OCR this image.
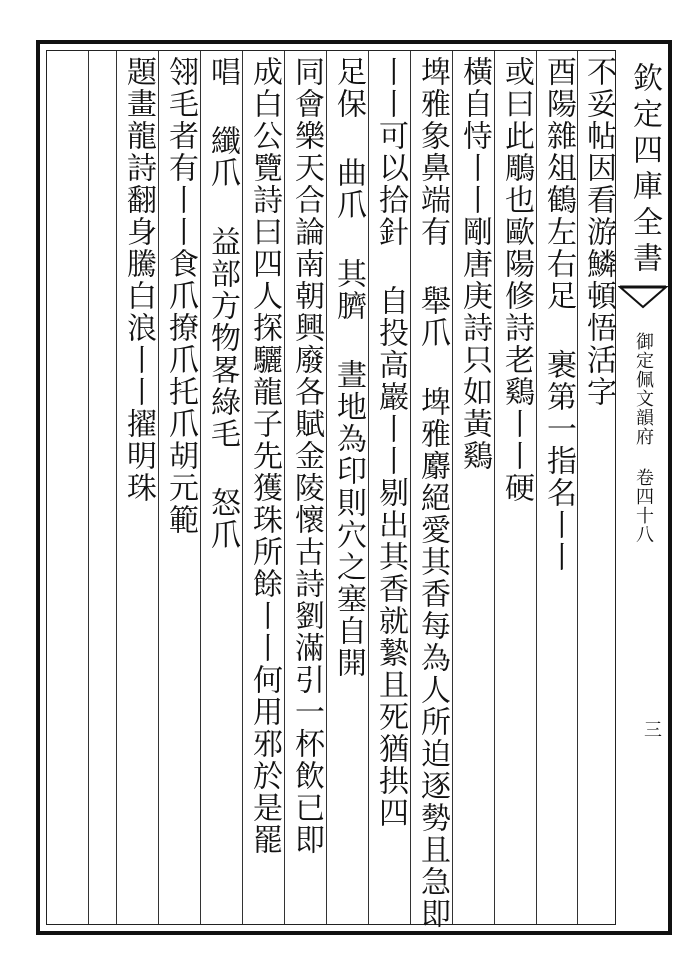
不妥帖因看游鱗頓悟活字
酉陽雜俎鶴左右足 裹第一指名丨丨
或曰此鵰也歐陽修詩老鷄丨丨硬
橫自恃丨丨剛唐庚詩只如黃鷄
埤雅象鼻端有 舉爪 埤雅麝絕愛其香每為人所迫逐勢且急即
丨丨可以拾針 自投高巖丨丨剔出其香就縶且死猶拱四
足保 曲爪 其臍 晝地為印則穴之塞自開
同會樂天合論南朝興廢各賦金陵懷古詩劉滿引一杯飲已即
成白公覽詩曰四人探驪龍子先獲珠所餘丨丨何用邪於是罷
唱 纖爪 益部方物畧綠毛 怒爪
翎毛者有丨丨食爪撩爪托爪胡元範
題畫龍詩翻身騰白浪丨丨擢明珠	欽定四庫全書
御定佩文韻府 卷四十八
三
